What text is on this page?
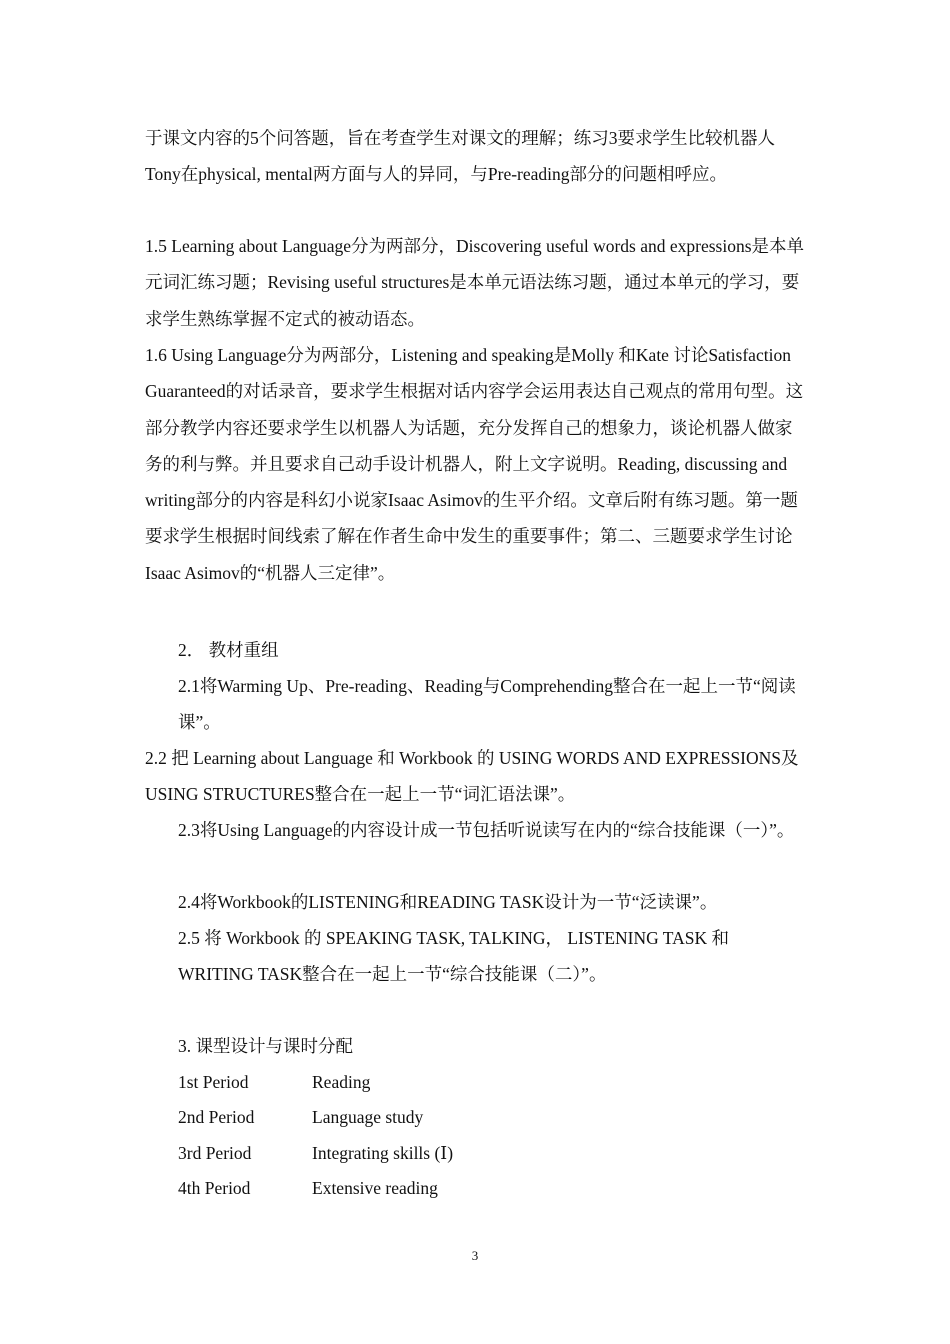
于课文内容的5个问答题，旨在考查学生对课文的理解；练习3要求学生比较机器人Tony在physical, mental两方面与人的异同，与Pre-reading部分的问题相呼应。

1.5 Learning about Language分为两部分，Discovering useful words and expressions是本单元词汇练习题；Revising useful structures是本单元语法练习题，通过本单元的学习，要求学生熟练掌握不定式的被动语态。

1.6 Using Language分为两部分，Listening and speaking是Molly 和Kate 讨论Satisfaction Guaranteed的对话录音，要求学生根据对话内容学会运用表达自己观点的常用句型。这部分教学内容还要求学生以机器人为话题，充分发挥自己的想象力，谈论机器人做家务的利与弊。并且要求自己动手设计机器人，附上文字说明。Reading, discussing and writing部分的内容是科幻小说家Isaac Asimov的生平介绍。文章后附有练习题。第一题要求学生根据时间线索了解在作者生命中发生的重要事件；第二、三题要求学生讨论Isaac Asimov的“机器人三定律”。

2． 教材重组

2.1将Warming Up、Pre-reading、Reading与Comprehending整合在一起上一节“阅读课”。

2.2 把 Learning about Language 和 Workbook 的 USING WORDS AND EXPRESSIONS及USING STRUCTURES整合在一起上一节“词汇语法课”。

2.3将Using Language的内容设计成一节包括听说读写在内的“综合技能课（一）”。

2.4将Workbook的LISTENING和READING TASK设计为一节“泛读课”。

2.5 将 Workbook 的 SPEAKING TASK, TALKING， LISTENING TASK 和 WRITING TASK整合在一起上一节“综合技能课（二）”。

3. 课型设计与课时分配
1st Period	Reading
2nd Period	Language study
3rd Period	Integrating skills (Ⅰ)
4th Period	Extensive reading
3
